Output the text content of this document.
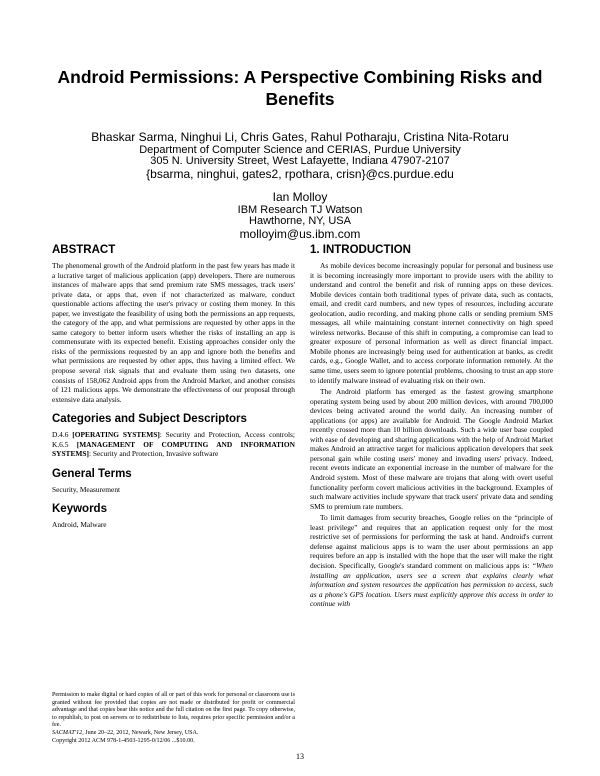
Android Permissions: A Perspective Combining Risks and Benefits
Bhaskar Sarma, Ninghui Li, Chris Gates, Rahul Potharaju, Cristina Nita-Rotaru
Department of Computer Science and CERIAS, Purdue University
305 N. University Street, West Lafayette, Indiana 47907-2107
{bsarma, ninghui, gates2, rpothara, crisn}@cs.purdue.edu
Ian Molloy
IBM Research TJ Watson
Hawthorne, NY, USA
molloyim@us.ibm.com
ABSTRACT

The phenomenal growth of the Android platform in the past few years has made it a lucrative target of malicious application (app) developers. There are numerous instances of malware apps that send premium rate SMS messages, track users' private data, or apps that, even if not characterized as malware, conduct questionable actions affecting the user's privacy or costing them money. In this paper, we investigate the feasibility of using both the permissions an app requests, the category of the app, and what permissions are requested by other apps in the same category to better inform users whether the risks of installing an app is commensurate with its expected benefit. Existing approaches consider only the risks of the permissions requested by an app and ignore both the benefits and what permissions are requested by other apps, thus having a limited effect. We propose several risk signals that and evaluate them using two datasets, one consists of 158,062 Android apps from the Android Market, and another consists of 121 malicious apps. We demonstrate the effectiveness of our proposal through extensive data analysis.

Categories and Subject Descriptors

D.4.6 [OPERATING SYSTEMS]: Security and Protection, Access controls; K.6.5 [MANAGEMENT OF COMPUTING AND INFORMATION SYSTEMS]: Security and Protection, Invasive software

General Terms

Security, Measurement

Keywords

Android, Malware

Permission to make digital or hard copies of all or part of this work for personal or classroom use is granted without fee provided that copies are not made or distributed for profit or commercial advantage and that copies bear this notice and the full citation on the first page. To copy otherwise, to republish, to post on servers or to redistribute to lists, requires prior specific permission and/or a fee.
SACMAT'12, June 20–22, 2012, Newark, New Jersey, USA.
Copyright 2012 ACM 978-1-4503-1295-0/12/06 ...$10.00.
1. INTRODUCTION

As mobile devices become increasingly popular for personal and business use it is becoming increasingly more important to provide users with the ability to understand and control the benefit and risk of running apps on these devices. Mobile devices contain both traditional types of private data, such as contacts, email, and credit card numbers, and new types of resources, including accurate geolocation, audio recording, and making phone calls or sending premium SMS messages, all while maintaining constant internet connectivity on high speed wireless networks. Because of this shift in computing, a compromise can lead to greater exposure of personal information as well as direct financial impact. Mobile phones are increasingly being used for authentication at banks, as credit cards, e.g., Google Wallet, and to access corporate information remotely. At the same time, users seem to ignore potential problems, choosing to trust an app store to identify malware instead of evaluating risk on their own.

The Android platform has emerged as the fastest growing smartphone operating system being used by about 200 million devices, with around 700,000 devices being activated around the world daily. An increasing number of applications (or apps) are available for Android. The Google Android Market recently crossed more than 10 billion downloads. Such a wide user base coupled with ease of developing and sharing applications with the help of Android Market makes Android an attractive target for malicious application developers that seek personal gain while costing users' money and invading users' privacy. Indeed, recent events indicate an exponential increase in the number of malware for the Android system. Most of these malware are trojans that along with overt useful functionality perform covert malicious activities in the background. Examples of such malware activities include spyware that track users' private data and sending SMS to premium rate numbers.

To limit damages from security breaches, Google relies on the “principle of least privilege” and requires that an application request only for the most restrictive set of permissions for performing the task at hand. Android's current defense against malicious apps is to warn the user about permissions an app requires before an app is installed with the hope that the user will make the right decision. Specifically, Google's standard comment on malicious apps is: “When installing an application, users see a screen that explains clearly what information and system resources the application has permission to access, such as a phone's GPS location. Users must explicitly approve this access in order to continue with

13
